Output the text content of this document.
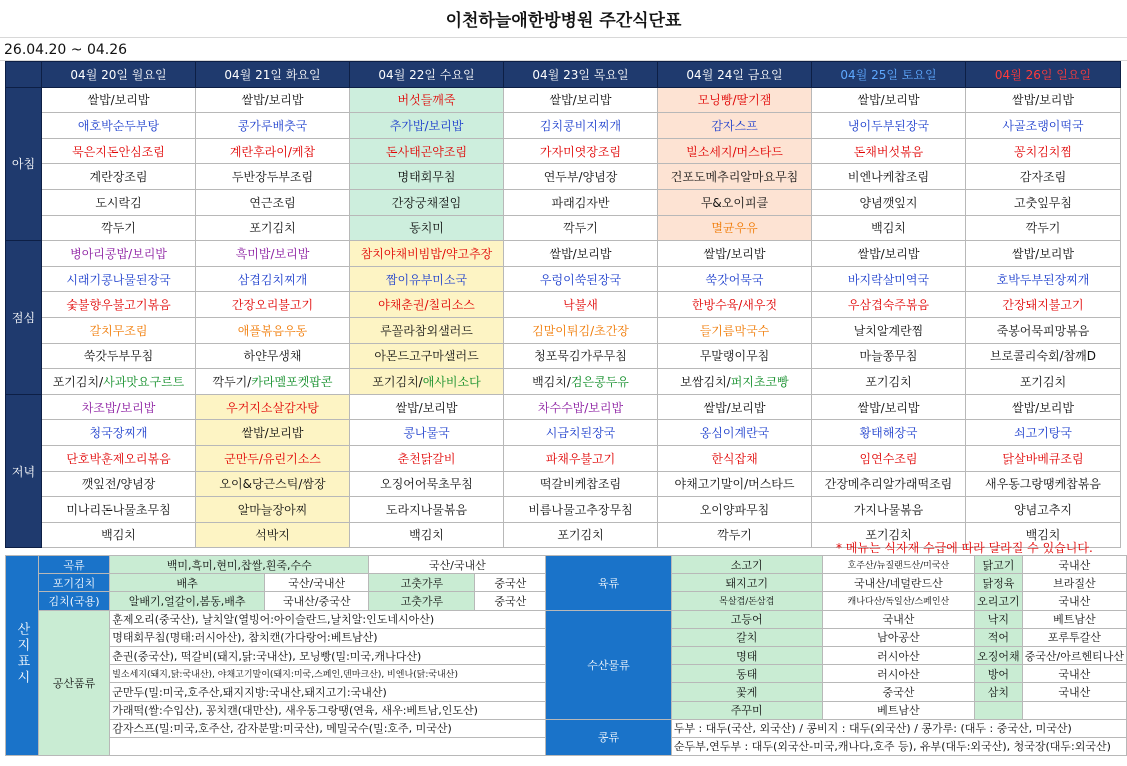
이천하늘애한방병원 주간식단표
26.04.20 ~ 04.26
	04월 20일 월요일	04월 21일 화요일	04월 22일 수요일	04월 23일 목요일	04월 24일 금요일	04월 25일 토요일	04월 26일 일요일
아침	쌀밥/보리밥	쌀밥/보리밥	버섯들깨죽	쌀밥/보리밥	모닝빵/딸기잼	쌀밥/보리밥	쌀밥/보리밥
	애호박순두부탕	콩가루배춧국	추가밥/보리밥	김치콩비지찌개	감자스프	냉이두부된장국	사골조랭이떡국
	묵은지돈안심조림	계란후라이/케찹	돈사태곤약조림	가자미엿장조림	빌소세지/머스타드	돈채버섯볶음	꽁치김치찜
	계란장조림	두반장두부조림	명태회무침	연두부/양념장	건포도메추리알마요무침	비엔나케찹조림	감자조림
	도시락김	연근조림	간장궁채절임	파래김자반	무&오이피클	양념깻잎지	고춧잎무침
	깍두기	포기김치	동치미	깍두기	멸균우유	백김치	깍두기
점심	병아리콩밥/보리밥	흑미밥/보리밥	참치야채비빔밥/약고추장	쌀밥/보리밥	쌀밥/보리밥	쌀밥/보리밥	쌀밥/보리밥
	시래기콩나물된장국	삼겹김치찌개	짬이유부미소국	우렁이쑥된장국	쑥갓어묵국	바지락살미역국	호박두부된장찌개
	숯불향우불고기볶음	간장오리불고기	야채춘권/칠리소스	낙불새	한방수육/새우젓	우삼겹숙주볶음	간장돼지불고기
	갈치무조림	애플볶음우동	루꼴라참외샐러드	김말이튀김/초간장	들기름막국수	날치알계란찜	죽봉어묵피망볶음
	쑥갓두부무침	하얀무생채	아몬드고구마샐러드	청포묵김가루무침	무말랭이무침	마늘쫑무침	브로콜리숙회/참깨D
	포기김치/사과맛요구르트	깍두기/카라멜포켓팝콘	포기김치/애사비소다	백김치/검은콩두유	보쌈김치/퍼지초코빵	포기김치	포기김치
저녁	차조밥/보리밥	우거지소살감자탕	쌀밥/보리밥	차수수밥/보리밥	쌀밥/보리밥	쌀밥/보리밥	쌀밥/보리밥
	청국장찌개	쌀밥/보리밥	콩나물국	시금치된장국	옹심이계란국	황태해장국	쇠고기탕국
	단호박훈제오리볶음	군만두/유린기소스	춘천닭갈비	파채우불고기	한식잡채	임연수조림	닭살바베큐조림
	깻잎전/양념장	오이&당근스틱/쌈장	오징어어묵초무침	떡갈비케찹조림	야채고기말이/머스타드	간장메추리알가래떡조림	새우동그랑땡케찹볶음
	미나리돈나물초무침	알마늘장아찌	도라지나물볶음	비름나물고추장무침	오이양파무침	가지나물볶음	양념고추지
	백김치	석박지	백김치	포기김치	깍두기	포기김치	백김치
* 메뉴는 식자재 수급에 따라 달라질 수 있습니다.
산지표시	곡류	백미,흑미,현미,찹쌀,흰죽,수수		국산/국내산		육류	소고기	호주산/뉴질랜드산/미국산	닭고기	국내산
	포기김치	배추	국산/국내산	고춧가루	중국산		돼지고기	국내산/네덜란드산	닭정육	브라질산
	김치(국용)	알배기,얼갈이,봄동,배추	국내산/중국산	고춧가루	중국산		목살겹/돈삼겹	캐나다산/독일산/스페인산	오리고기	국내산
	공산품류	훈제오리(중국산), 날치알(열빙어:아이슬란드,날치알:인도네시아산)				수산물류	고등어	국내산	낙지	베트남산
		명태회무침(명태:러시아산), 참치캔(가다랑어:베트남산)					갈치	남아공산	적어	포루투갈산
		춘권(중국산), 떡갈비(돼지,닭:국내산), 모닝빵(밀:미국,캐나다산)					명태	러시아산	오징어채	중국산/아르헨티나산
		빌소세지(돼지,닭:국내산), 야채고기말이(돼지:미국,스페인,덴마크산), 비엔나(닭:국내산)					동태	러시아산	방어	국내산
		군만두(밀:미국,호주산,돼지지방:국내산,돼지고기:국내산)					꽃게	중국산	삼치	국내산
		가래떡(쌀:수입산), 꽁치캔(대만산), 새우동그랑땡(연육, 새우:베트남,인도산)					주꾸미	베트남산		
		감자스프(밀:미국,호주산, 감자분말:미국산), 메밀국수(밀:호주, 미국산)				콩류	두부 : 대두(국산, 외국산) / 콩비지 : 대두(외국산) / 콩가루: (대두 : 중국산, 미국산)			
							순두부,연두부 : 대두(외국산-미국,캐나다,호주 등), 유부(대두:외국산), 청국장(대두:외국산)			
